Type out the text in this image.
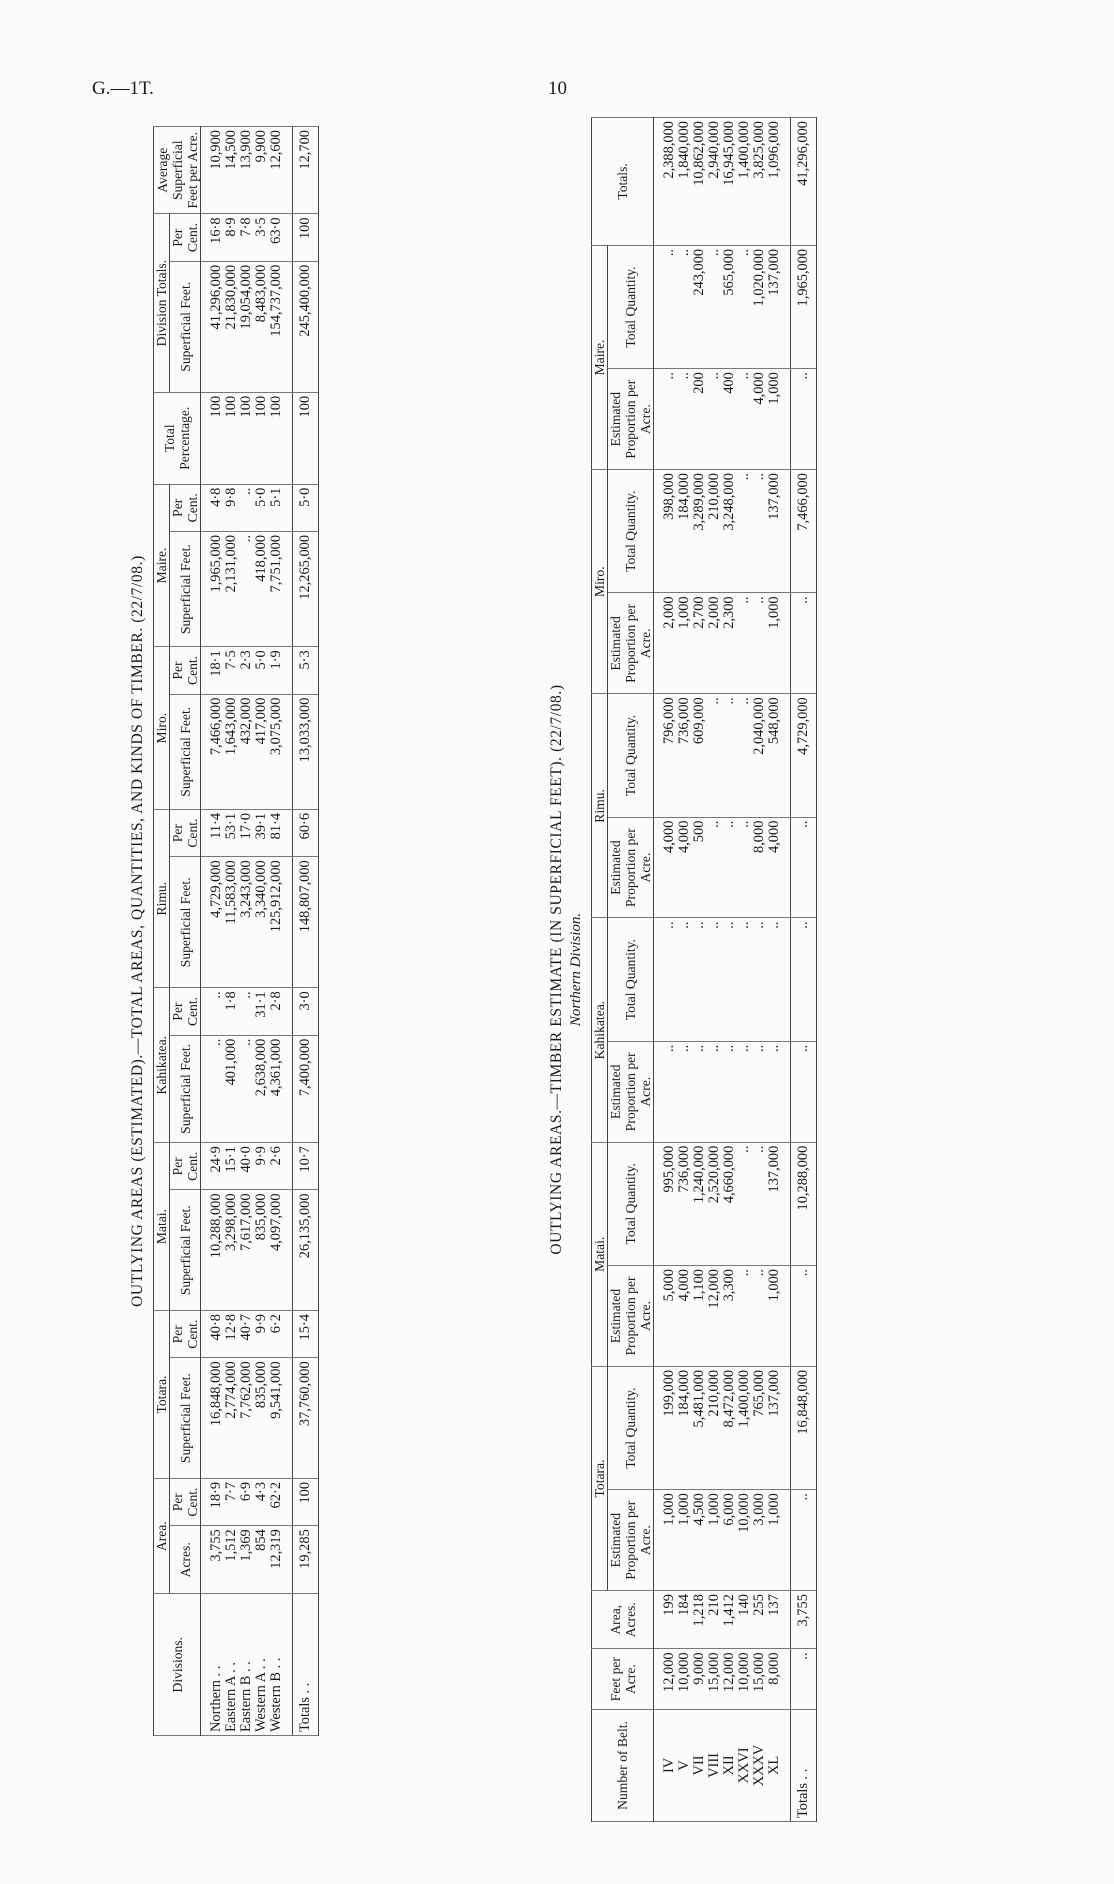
G.—1T.	10
OUTLYING AREAS (ESTIMATED).—TOTAL AREAS, QUANTITIES, AND KINDS OF TIMBER. (22/7/08.)
Divisions.	Area.		Totara.		Matai.		Kahikatea.		Rimu.		Miro.		Maire.		Total Percentage.	Division Totals.		Average Superficial Feet per Acre.
	Acres.	Per Cent.	Superficial Feet.	Per Cent.	Superficial Feet.	Per Cent.	Superficial Feet.	Per Cent.	Superficial Feet.	Per Cent.	Superficial Feet.	Per Cent.	Superficial Feet.	Per Cent.		Superficial Feet.	Per Cent.	
Northern . .	3,755	18·9	16,848,000	40·8	10,288,000	24·9	..	..	4,729,000	11·4	7,466,000	18·1	1,965,000	4·8	100	41,296,000	16·8	10,900
Eastern A . .	1,512	7·7	2,774,000	12·8	3,298,000	15·1	401,000	1·8	11,583,000	53·1	1,643,000	7·5	2,131,000	9·8	100	21,830,000	8·9	14,500
Eastern B . .	1,369	6·9	7,762,000	40·7	7,617,000	40·0	..	..	3,243,000	17·0	432,000	2·3	..	..	100	19,054,000	7·8	13,900
Western A . .	854	4·3	835,000	9·9	835,000	9·9	2,638,000	31·1	3,340,000	39·1	417,000	5·0	418,000	5·0	100	8,483,000	3·5	9,900
Western B . .	12,319	62·2	9,541,000	6·2	4,097,000	2·6	4,361,000	2·8	125,912,000	81·4	3,075,000	1·9	7,751,000	5·1	100	154,737,000	63·0	12,600
Totals . .	19,285	100	37,760,000	15·4	26,135,000	10·7	7,400,000	3·0	148,807,000	60·6	13,033,000	5·3	12,265,000	5·0	100	245,400,000	100	12,700
OUTLYING AREAS.—TIMBER ESTIMATE (IN SUPERFICIAL FEET). (22/7/08.) Northern Division.
Number of Belt.	Feet per Acre.	Area, Acres.	Totara.		Matai.		Kahikatea.		Rimu.		Miro.		Maire.		Totals.
			Estimated Proportion per Acre.	Total Quantity.	Estimated Proportion per Acre.	Total Quantity.	Estimated Proportion per Acre.	Total Quantity.	Estimated Proportion per Acre.	Total Quantity.	Estimated Proportion per Acre.	Total Quantity.	Estimated Proportion per Acre.	Total Quantity.	
IV	12,000	199	1,000	199,000	5,000	995,000	..	..	4,000	796,000	2,000	398,000	..	..	2,388,000
V	10,000	184	1,000	184,000	4,000	736,000	..	..	4,000	736,000	1,000	184,000	..	..	1,840,000
VII	9,000	1,218	4,500	5,481,000	1,100	1,240,000	..	..	500	609,000	2,700	3,289,000	200	243,000	10,862,000
VIII	15,000	210	1,000	210,000	12,000	2,520,000	..	..	..	..	2,000	210,000	..	..	2,940,000
XII	12,000	1,412	6,000	8,472,000	3,300	4,660,000	..	..	..	..	2,300	3,248,000	400	565,000	16,945,000
XXVI	10,000	140	10,000	1,400,000	..	..	..	..	..	..	..	..	..	..	1,400,000
XXXV	15,000	255	3,000	765,000	..	..	..	..	8,000	2,040,000	..	..	4,000	1,020,000	3,825,000
XL	8,000	137	1,000	137,000	1,000	137,000	..	..	4,000	548,000	1,000	137,000	1,000	137,000	1,096,000
Totals . .	..	3,755	..	16,848,000	..	10,288,000	..	..	..	4,729,000	..	7,466,000	..	1,965,000	41,296,000
